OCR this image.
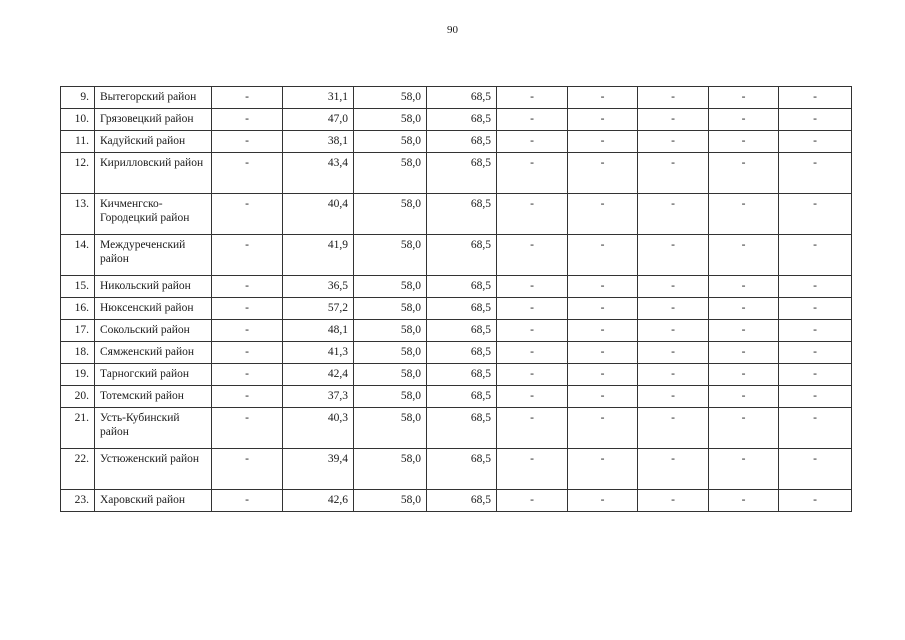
90
9.	Вытегорский район	-	31,1	58,0	68,5	-	-	-	-	-
10.	Грязовецкий район	-	47,0	58,0	68,5	-	-	-	-	-
11.	Кадуйский район	-	38,1	58,0	68,5	-	-	-	-	-
12.	Кирилловский район	-	43,4	58,0	68,5	-	-	-	-	-
13.	Кичменгско-Городецкий район	-	40,4	58,0	68,5	-	-	-	-	-
14.	Междуреченский район	-	41,9	58,0	68,5	-	-	-	-	-
15.	Никольский район	-	36,5	58,0	68,5	-	-	-	-	-
16.	Нюксенский район	-	57,2	58,0	68,5	-	-	-	-	-
17.	Сокольский район	-	48,1	58,0	68,5	-	-	-	-	-
18.	Сямженский район	-	41,3	58,0	68,5	-	-	-	-	-
19.	Тарногский район	-	42,4	58,0	68,5	-	-	-	-	-
20.	Тотемский район	-	37,3	58,0	68,5	-	-	-	-	-
21.	Усть-Кубинский район	-	40,3	58,0	68,5	-	-	-	-	-
22.	Устюженский район	-	39,4	58,0	68,5	-	-	-	-	-
23.	Харовский район	-	42,6	58,0	68,5	-	-	-	-	-
